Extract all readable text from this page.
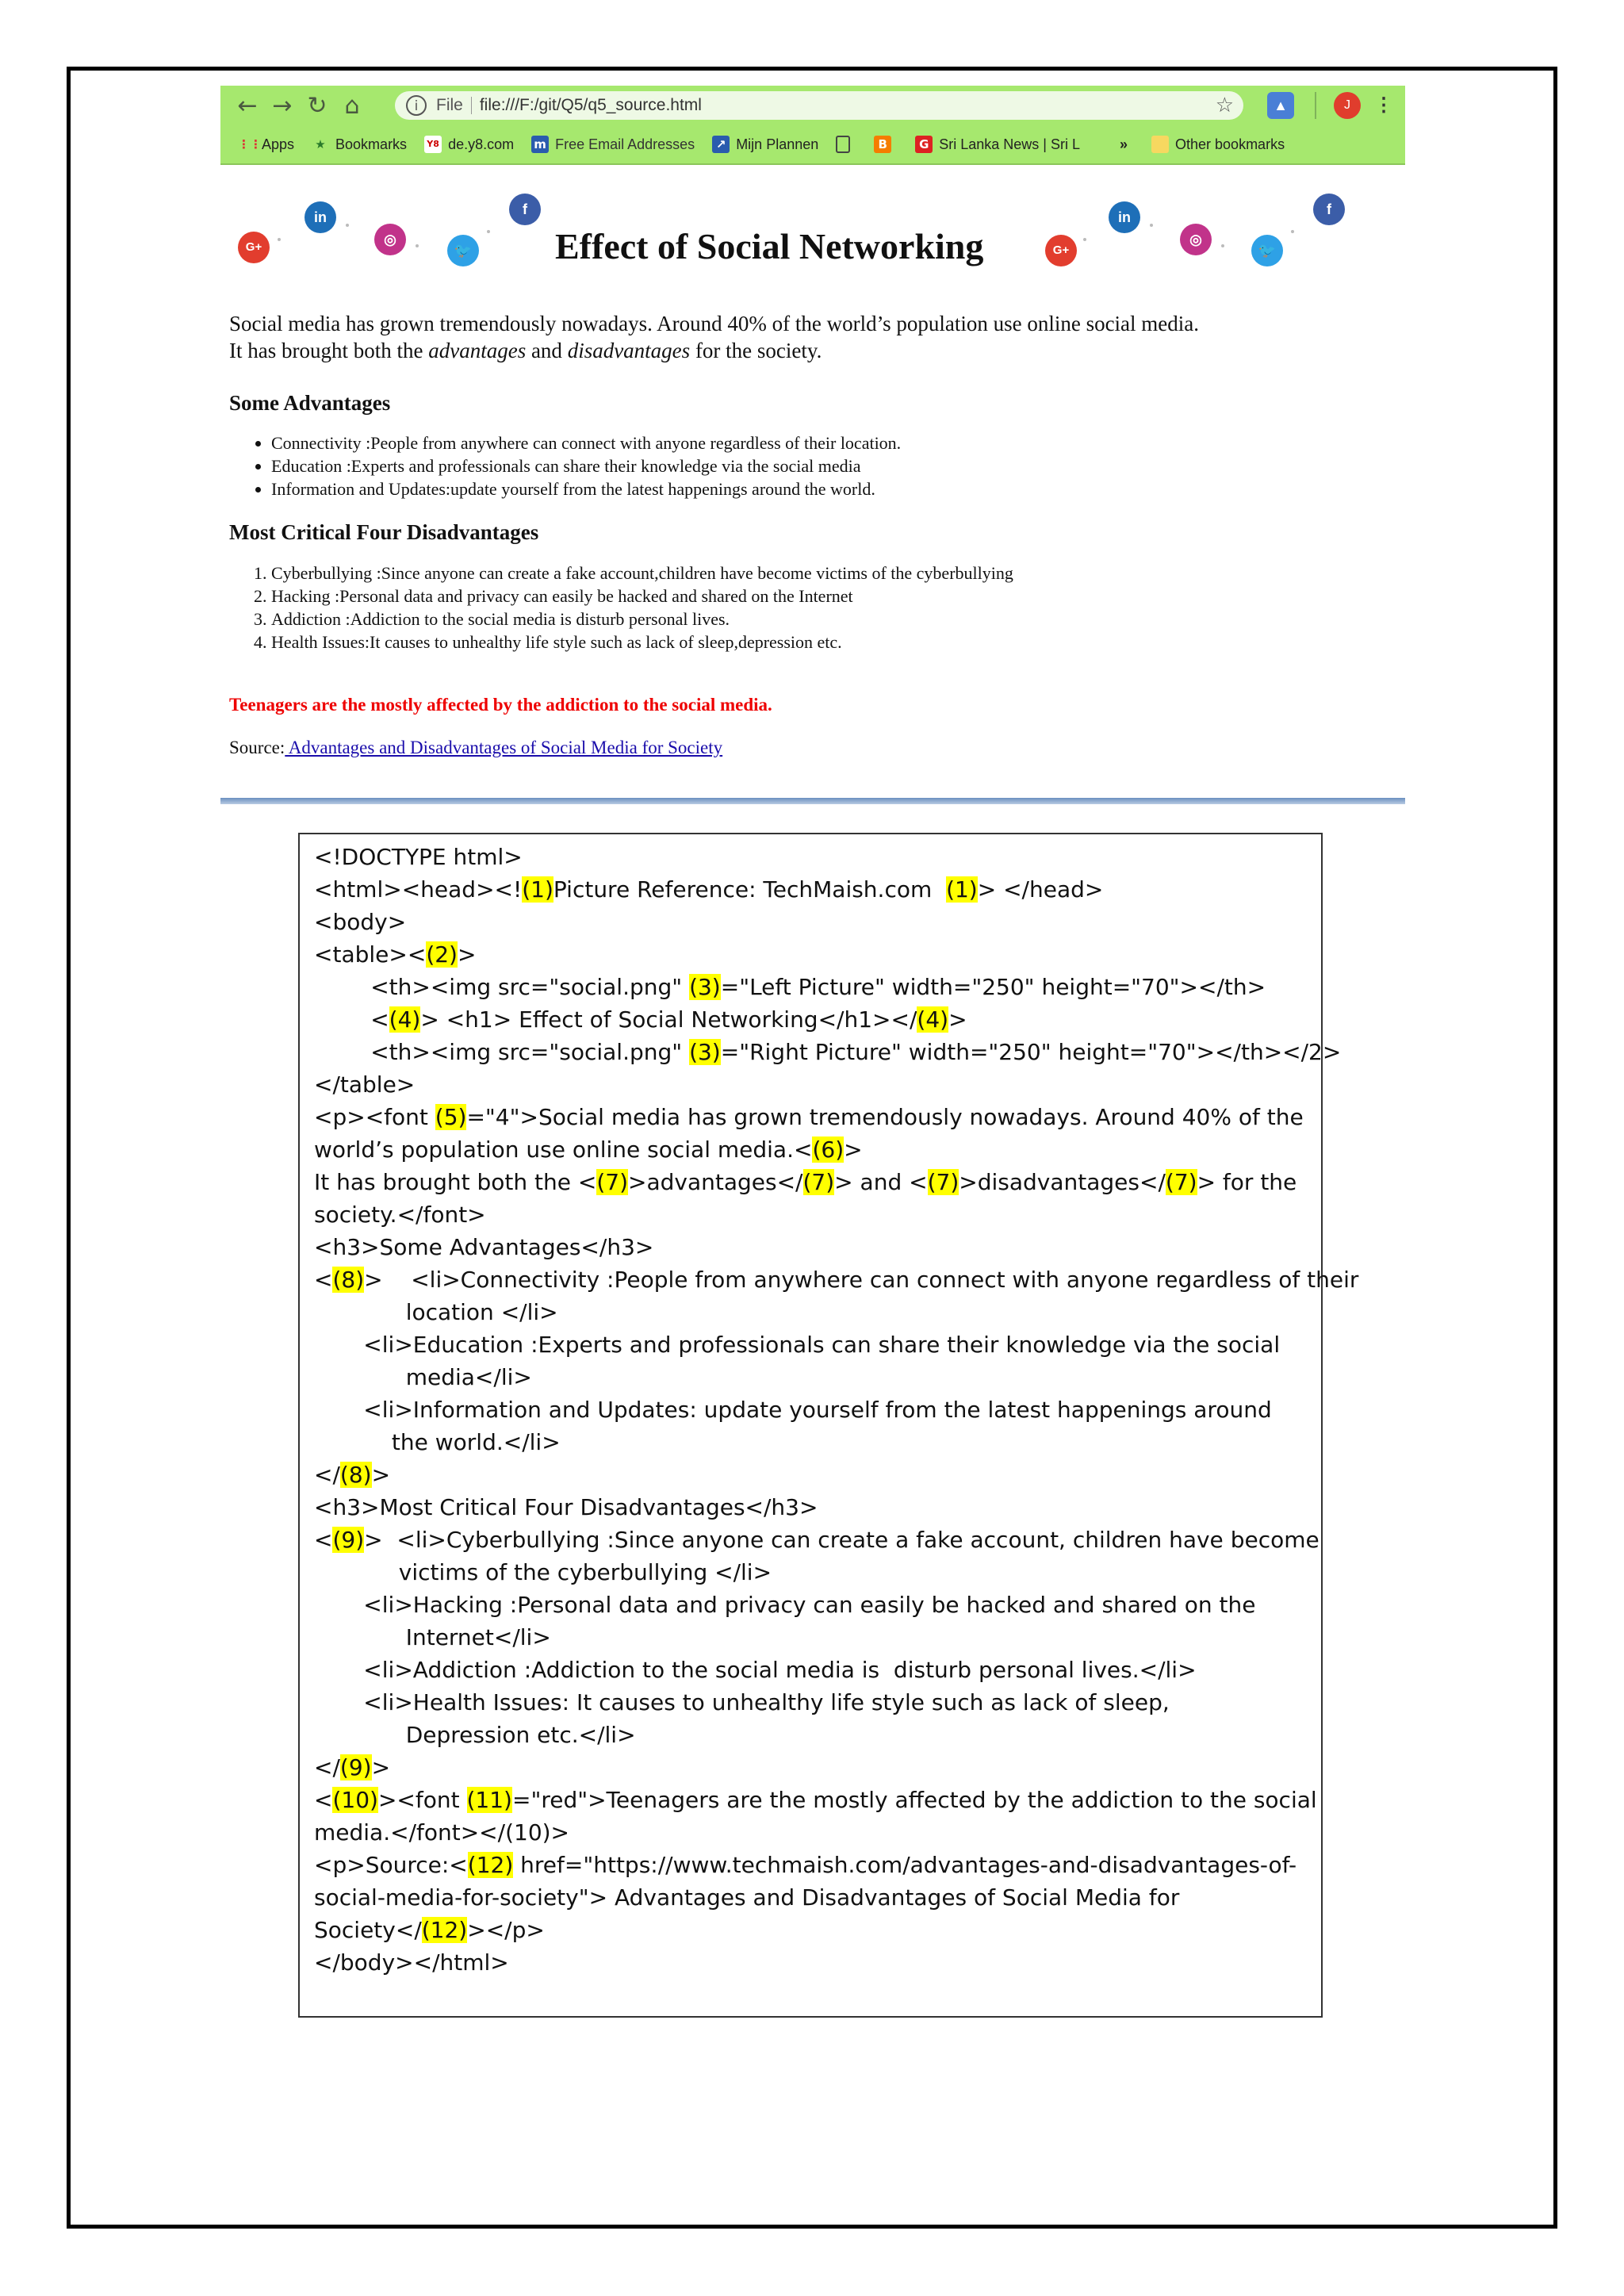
← → ↻ ⌂	i	File file:///F:/git/Q5/q5_source.html	☆	▲	J	⋮
⋮⋮ Apps ★ Bookmarks Y8 de.y8.com m Free Email Addresses	↗ Mijn Plannen	B	G Sri Lanka News | Sri L	»	Other bookmarks
G+
in
◎
🐦
f
Effect of Social Networking	G+
in
◎
🐦
f
Social media has grown tremendously nowadays. Around 40% of the world’s population use online social media.
It has brought both the advantages and disadvantages for the society.
Some Advantages
• Connectivity :People from anywhere can connect with anyone regardless of their location.
• Education :Experts and professionals can share their knowledge via the social media
• Information and Updates:update yourself from the latest happenings around the world.
Most Critical Four Disadvantages
1. Cyberbullying :Since anyone can create a fake account,children have become victims of the cyberbullying
2. Hacking :Personal data and privacy can easily be hacked and shared on the Internet
3. Addiction :Addiction to the social media is disturb personal lives.
4. Health Issues:It causes to unhealthy life style such as lack of sleep,depression etc.
Teenagers are the mostly affected by the addiction to the social media.
Source: Advantages and Disadvantages of Social Media for Society
<!DOCTYPE html>
<html><head><!(1)Picture Reference: TechMaish.com  (1)> </head>
<body>
<table><(2)>
<th><img src="social.png" (3)="Left Picture" width="250" height="70"></th>
<(4)> <h1> Effect of Social Networking</h1></(4)>
<th><img src="social.png" (3)="Right Picture" width="250" height="70"></th></2>
</table>
<p><font (5)="4">Social media has grown tremendously nowadays. Around 40% of the
world’s population use online social media.<(6)>
It has brought both the <(7)>advantages</(7)> and <(7)>disadvantages</(7)> for the
society.</font>
<h3>Some Advantages</h3>
<(8)>    <li>Connectivity :People from anywhere can connect with anyone regardless of their
location </li>
<li>Education :Experts and professionals can share their knowledge via the social
media</li>
<li>Information and Updates: update yourself from the latest happenings around
the world.</li>
</(8)>
<h3>Most Critical Four Disadvantages</h3>
<(9)>  <li>Cyberbullying :Since anyone can create a fake account, children have become
victims of the cyberbullying </li>
<li>Hacking :Personal data and privacy can easily be hacked and shared on the
Internet</li>
<li>Addiction :Addiction to the social media is  disturb personal lives.</li>
<li>Health Issues: It causes to unhealthy life style such as lack of sleep,
Depression etc.</li>
</(9)>
<(10)><font (11)="red">Teenagers are the mostly affected by the addiction to the social
media.</font></(10)>
<p>Source:<(12) href="https://www.techmaish.com/advantages-and-disadvantages-of-
social-media-for-society"> Advantages and Disadvantages of Social Media for
Society</(12)></p>
</body></html>
